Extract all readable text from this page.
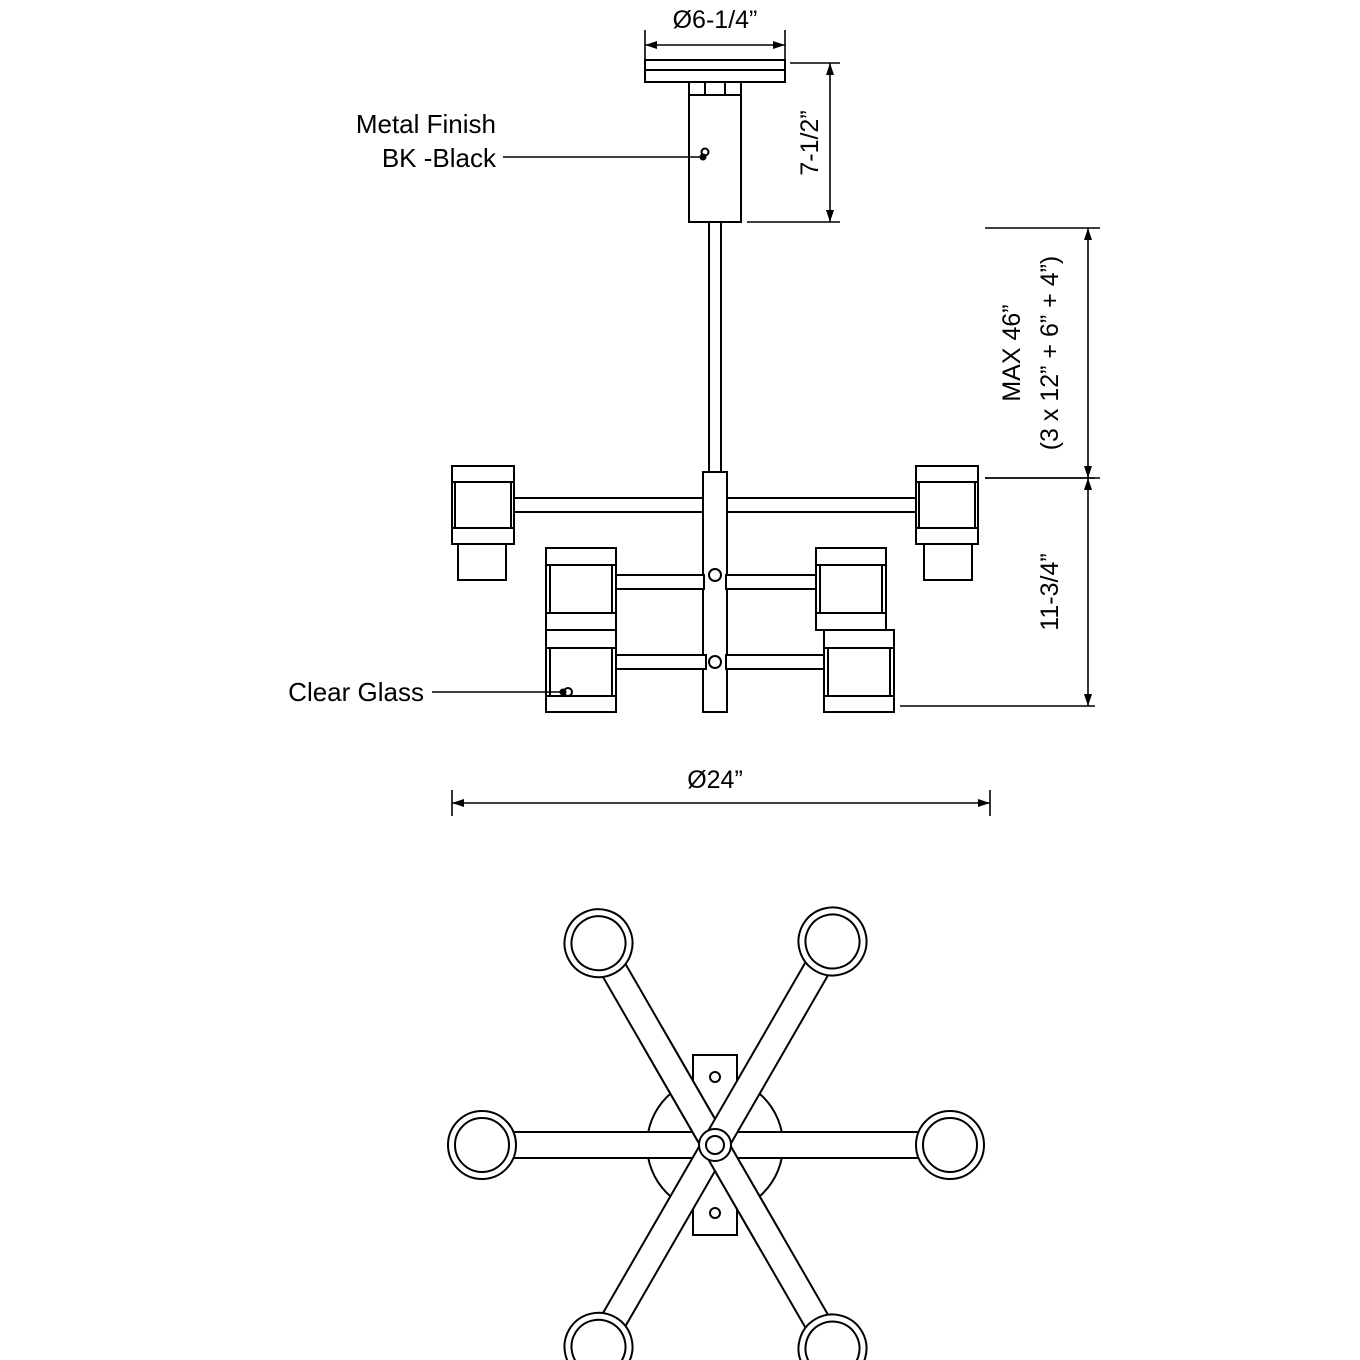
Ø6-1/4”
7-1/2”
MAX 46” (3 x 12” + 6” + 4”)
11-3/4”
Ø24”
Metal Finish
BK -Black
Clear Glass
